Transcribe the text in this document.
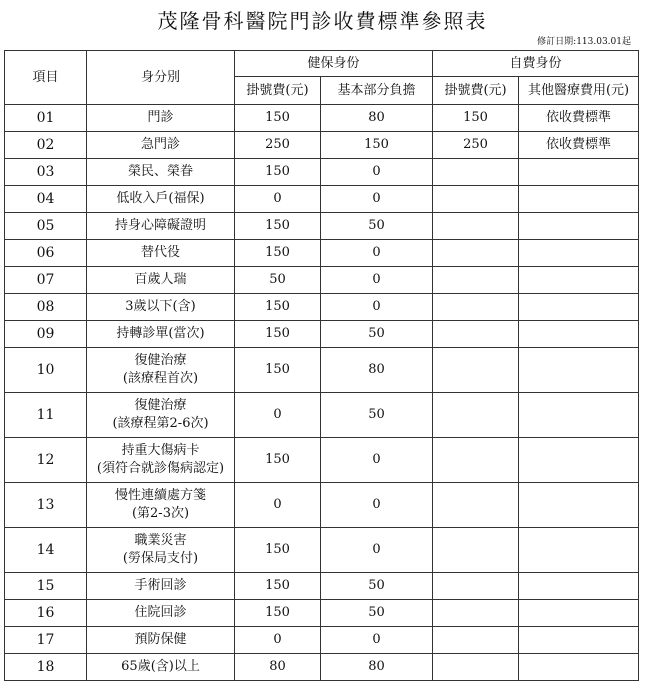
茂隆骨科醫院門診收費標準參照表
修訂日期:113.03.01起
項目	身分別	健保身份		自費身份	
		掛號費(元)	基本部分負擔	掛號費(元)	其他醫療費用(元)
01	門診	150	80	150	依收費標準
02	急門診	250	150	250	依收費標準
03	榮民、榮眷	150	0		
04	低收入戶(福保)	0	0		
05	持身心障礙證明	150	50		
06	替代役	150	0		
07	百歲人瑞	50	0		
08	3歲以下(含)	150	0		
09	持轉診單(當次)	150	50		
10	復健治療
(該療程首次)	150	80		
11	復健治療
(該療程第2-6次)	0	50		
12	持重大傷病卡
(須符合就診傷病認定)	150	0		
13	慢性連續處方箋
(第2-3次)	0	0		
14	職業災害
(勞保局支付)	150	0		
15	手術回診	150	50		
16	住院回診	150	50		
17	預防保健	0	0		
18	65歲(含)以上	80	80		
